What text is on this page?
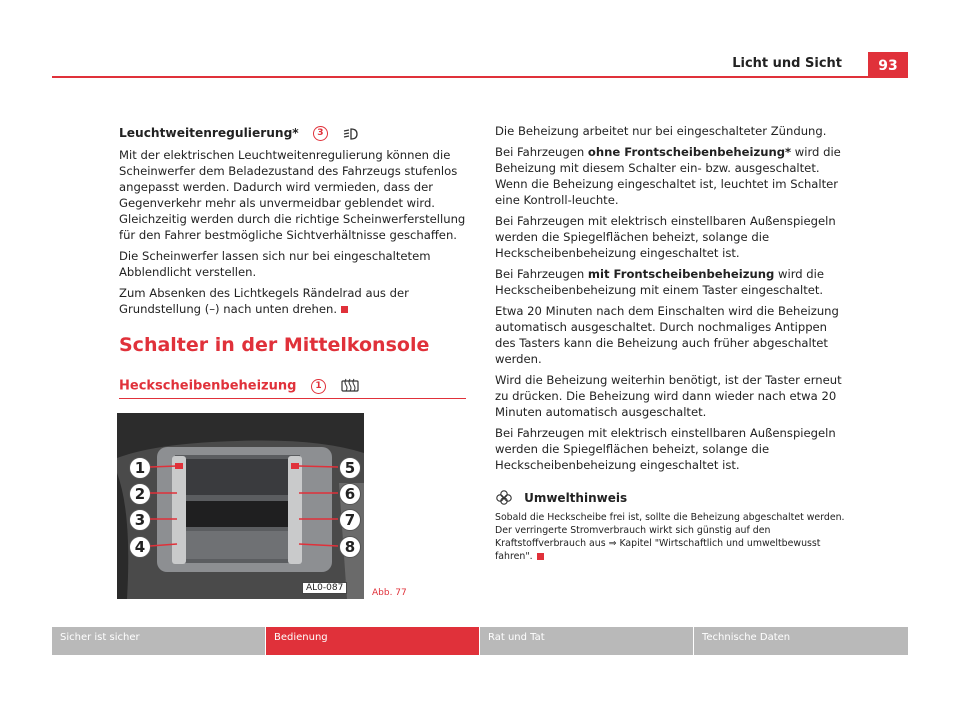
Licht und Sicht	93
Leuchtweitenregulierung* 3

Mit der elektrischen Leuchtweitenregulierung können die Scheinwerfer dem Beladezustand des Fahrzeugs stufenlos angepasst werden. Dadurch wird vermieden, dass der Gegenverkehr mehr als unvermeidbar geblendet wird. Gleichzeitig werden durch die richtige Scheinwerferstellung für den Fahrer bestmögliche Sichtverhältnisse geschaffen.

Die Scheinwerfer lassen sich nur bei eingeschaltetem Abblendlicht verstellen.

Zum Absenken des Lichtkegels Rändelrad aus der Grundstellung (–) nach unten drehen.

Schalter in der Mittelkonsole
Heckscheibenbeheizung 1
1
2
3
4
5
6
7
8
AL0-087	Abb. 77

Die Beheizung arbeitet nur bei eingeschalteter Zündung.

Bei Fahrzeugen ohne Frontscheibenbeheizung* wird die Beheizung mit diesem Schalter ein- bzw. ausgeschaltet. Wenn die Beheizung eingeschaltet ist, leuchtet im Schalter eine Kontroll-leuchte.

Bei Fahrzeugen mit elektrisch einstellbaren Außenspiegeln werden die Spiegelflächen beheizt, solange die Heckscheibenbeheizung eingeschaltet ist.

Bei Fahrzeugen mit Frontscheibenbeheizung wird die Heckscheibenbeheizung mit einem Taster eingeschaltet.

Etwa 20 Minuten nach dem Einschalten wird die Beheizung automatisch ausgeschaltet. Durch nochmaliges Antippen des Tasters kann die Beheizung auch früher abgeschaltet werden.

Wird die Beheizung weiterhin benötigt, ist der Taster erneut zu drücken. Die Beheizung wird dann wieder nach etwa 20 Minuten automatisch ausgeschaltet.

Bei Fahrzeugen mit elektrisch einstellbaren Außenspiegeln werden die Spiegelflächen beheizt, solange die Heckscheibenbeheizung eingeschaltet ist.

Umwelthinweis

Sobald die Heckscheibe frei ist, sollte die Beheizung abgeschaltet werden. Der verringerte Stromverbrauch wirkt sich günstig auf den Kraftstoffverbrauch aus ⇒ Kapitel "Wirtschaftlich und umweltbewusst fahren".

Sicher ist sicher	Bedienung	Rat und Tat	Technische Daten
